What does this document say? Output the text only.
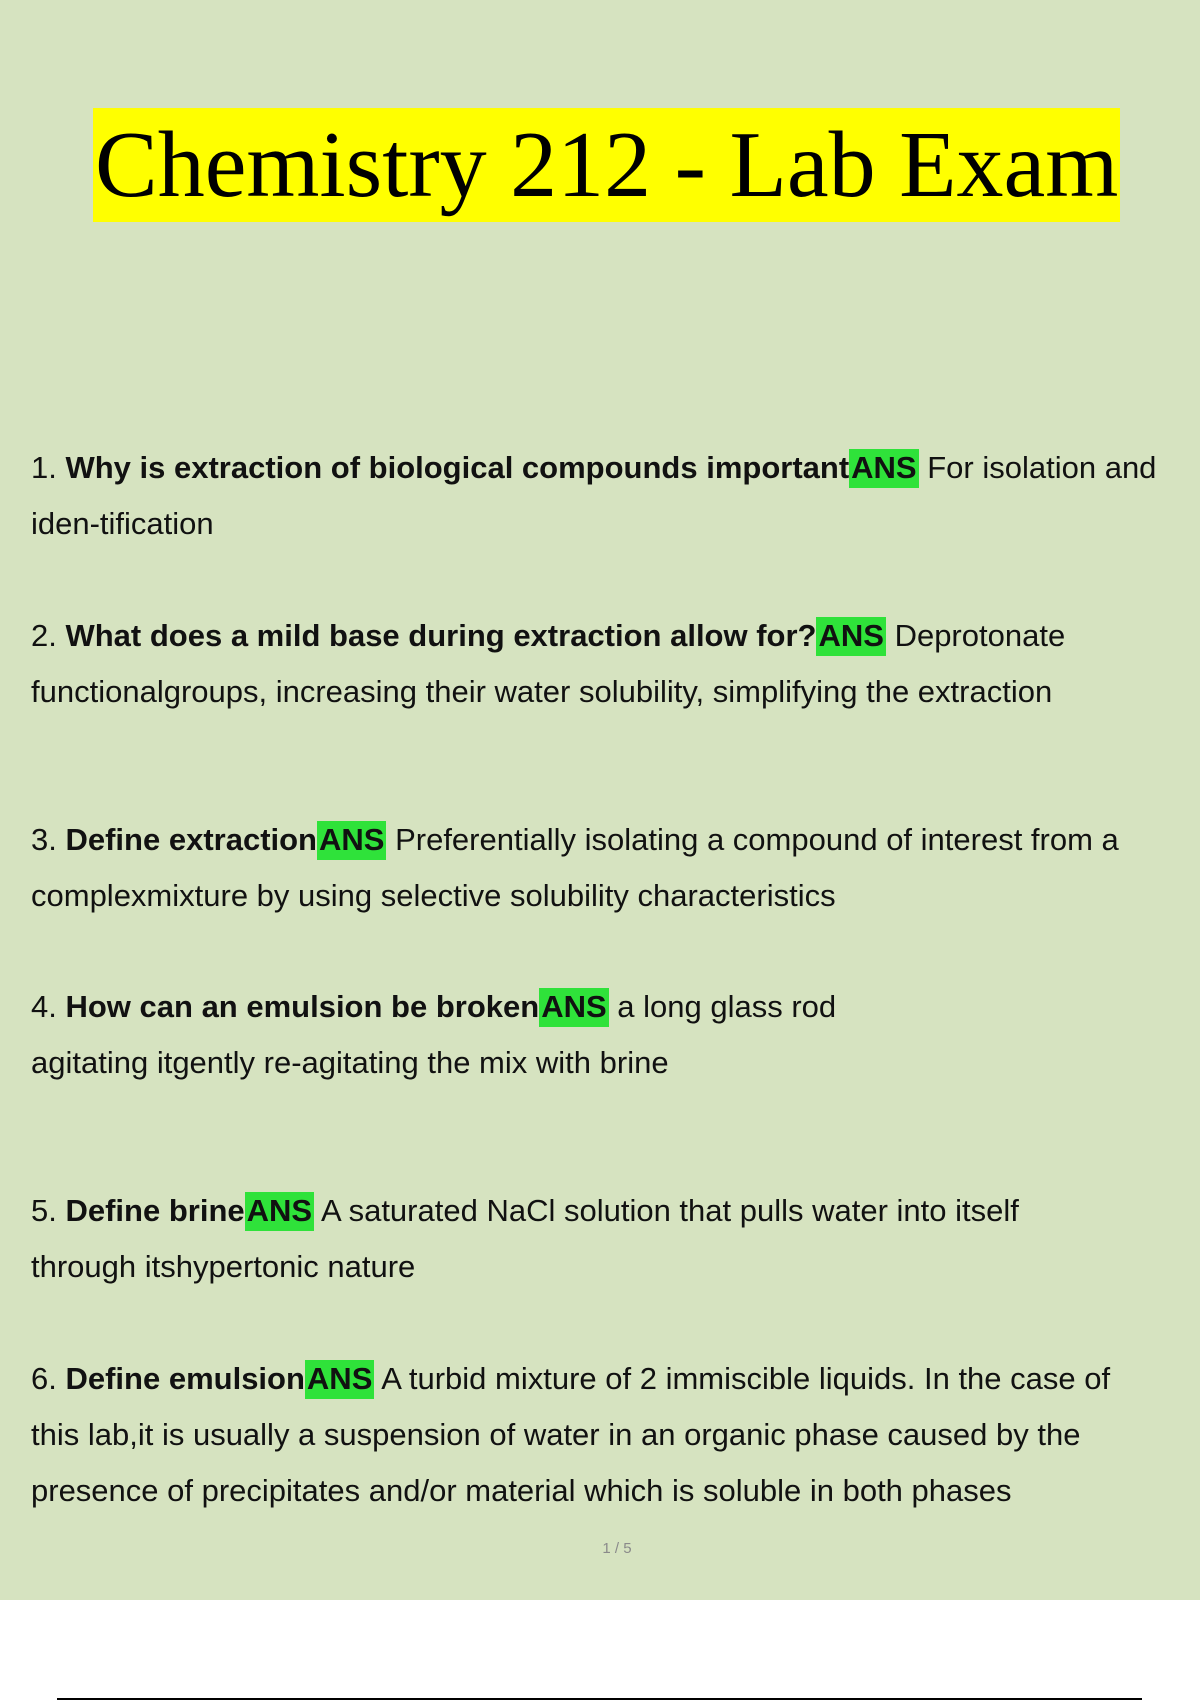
Chemistry 212 - Lab Exam
1. Why is extraction of biological compounds importantANS For isolation and
iden-tification
2. What does a mild base during extraction allow for?ANS Deprotonate
functionalgroups, increasing their water solubility, simplifying the extraction
3. Define extractionANS Preferentially isolating a compound of interest from a
complexmixture by using selective solubility characteristics
4. How can an emulsion be brokenANS a long glass rod
agitating itgently re-agitating the mix with brine
5. Define brineANS A saturated NaCl solution that pulls water into itself
through itshypertonic nature
6. Define emulsionANS A turbid mixture of 2 immiscible liquids. In the case of
this lab,it is usually a suspension of water in an organic phase caused by the
presence of precipitates and/or material which is soluble in both phases
1 / 5
